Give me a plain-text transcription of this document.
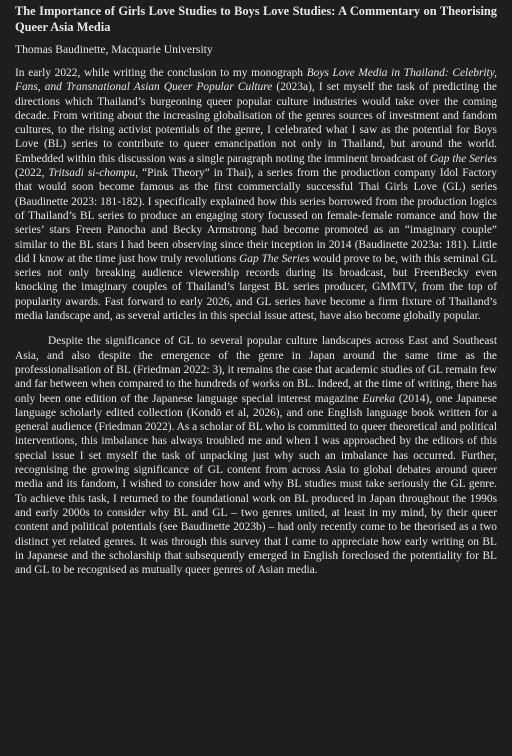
The Importance of Girls Love Studies to Boys Love Studies: A Commentary on Theorising Queer Asia Media
Thomas Baudinette, Macquarie University

In early 2022, while writing the conclusion to my monograph Boys Love Media in Thailand: Celebrity, Fans, and Transnational Asian Queer Popular Culture (2023a), I set myself the task of predicting the directions which Thailand’s burgeoning queer popular culture industries would take over the coming decade. From writing about the increasing globalisation of the genres sources of investment and fandom cultures, to the rising activist potentials of the genre, I celebrated what I saw as the potential for Boys Love (BL) series to contribute to queer emancipation not only in Thailand, but around the world. Embedded within this discussion was a single paragraph noting the imminent broadcast of Gap the Series (2022, Tritsadi si-chompu, “Pink Theory” in Thai), a series from the production company Idol Factory that would soon become famous as the first commercially successful Thai Girls Love (GL) series (Baudinette 2023: 181-182). I specifically explained how this series borrowed from the production logics of Thailand’s BL series to produce an engaging story focussed on female-female romance and how the series’ stars Freen Panocha and Becky Armstrong had become promoted as an “imaginary couple” similar to the BL stars I had been observing since their inception in 2014 (Baudinette 2023a: 181). Little did I know at the time just how truly revolutions Gap The Series would prove to be, with this seminal GL series not only breaking audience viewership records during its broadcast, but FreenBecky even knocking the imaginary couples of Thailand’s largest BL series producer, GMMTV, from the top of popularity awards. Fast forward to early 2026, and GL series have become a firm fixture of Thailand’s media landscape and, as several articles in this special issue attest, have also become globally popular.

Despite the significance of GL to several popular culture landscapes across East and Southeast Asia, and also despite the emergence of the genre in Japan around the same time as the professionalisation of BL (Friedman 2022: 3), it remains the case that academic studies of GL remain few and far between when compared to the hundreds of works on BL. Indeed, at the time of writing, there has only been one edition of the Japanese language special interest magazine Eureka (2014), one Japanese language scholarly edited collection (Kondō et al, 2026), and one English language book written for a general audience (Friedman 2022). As a scholar of BL who is committed to queer theoretical and political interventions, this imbalance has always troubled me and when I was approached by the editors of this special issue I set myself the task of unpacking just why such an imbalance has occurred. Further, recognising the growing significance of GL content from across Asia to global debates around queer media and its fandom, I wished to consider how and why BL studies must take seriously the GL genre. To achieve this task, I returned to the foundational work on BL produced in Japan throughout the 1990s and early 2000s to consider why BL and GL – two genres united, at least in my mind, by their queer content and political potentials (see Baudinette 2023b) – had only recently come to be theorised as a two distinct yet related genres. It was through this survey that I came to appreciate how early writing on BL in Japanese and the scholarship that subsequently emerged in English foreclosed the potentiality for BL and GL to be recognised as mutually queer genres of Asian media.
